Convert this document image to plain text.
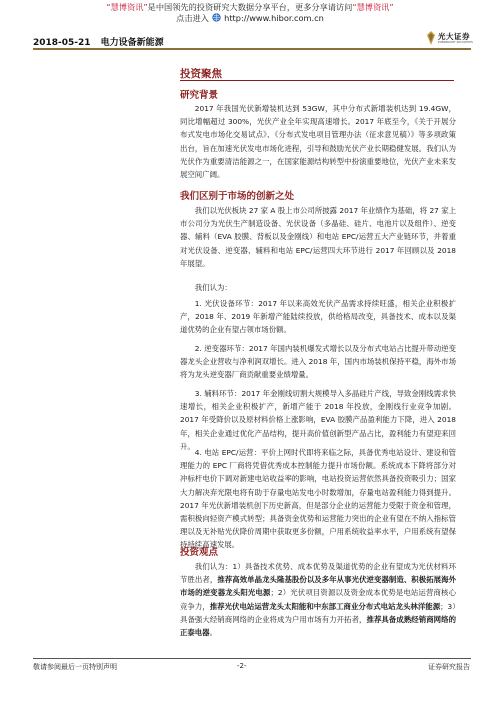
“慧博资讯”是中国领先的投资研究大数据分享平台，更多分享请访问“慧博资讯”
点击进入 http://www.hibor.com.cn
2018-05-21 电力设备新能源
光大证券
EVERBRIGHT SECURITIES
投资聚焦
研究背景
2017 年我国光伏新增装机达到 53GW，其中分布式新增装机达到 19.4GW，同比增幅超过 300%，光伏产业全年实现高速增长。2017 年底至今，《关于开展分布式发电市场化交易试点》、《分布式发电项目管理办法（征求意见稿）》等多项政策出台，旨在加速光伏发电市场化进程，引导和鼓励光伏产业长期稳健发展。我们认为光伏作为重要清洁能源之一，在国家能源结构转型中扮演重要地位，光伏产业未来发展空间广阔。
我们区别于市场的创新之处
我们以光伏板块 27 家 A 股上市公司所披露 2017 年业绩作为基础，将 27 家上市公司分为光伏生产制造设备、光伏设备（多晶硅、硅片、电池片以及组件）、逆变器、辅料（EVA 胶膜、背板以及金刚线）和电站 EPC/运营五大产业链环节，并着重对光伏设备、逆变器、辅料和电站 EPC/运营四大环节进行 2017 年回顾以及 2018 年展望。
我们认为：
1. 光伏设备环节：2017 年以来高效光伏产品需求持续旺盛，相关企业积极扩产，2018 年、2019 年新增产能陆续投放，供给格局改变，具备技术、成本以及渠道优势的企业有望占领市场份额。
2. 逆变器环节：2017 年国内装机爆发式增长以及分布式电站占比提升带动逆变器龙头企业营收与净利润双增长。进入 2018 年，国内市场装机保持平稳，海外市场将为龙头逆变器厂商贡献重要业绩增量。
3. 辅料环节：2017 年金刚线切割大规模导入多晶硅片产线，导致金刚线需求快速增长，相关企业积极扩产，新增产能于 2018 年投放，金刚线行业竞争加剧。2017 年受降价以及原材料价格上涨影响，EVA 胶膜产品盈利能力下降，进入 2018 年，相关企业通过优化产品结构，提升高价值创新型产品占比，盈利能力有望迎来回升。
4. 电站 EPC/运营：平价上网时代即将来临之际，具备优秀电站设计、建设和管理能力的 EPC 厂商将凭借优秀成本控制能力提升市场份额。系统成本下降将部分对冲标杆电价下调对新建电站收益率的影响，电站投资运营依然具备投资吸引力；国家大力解决弃光限电将有助于存量电站发电小时数增加，存量电站盈利能力得到提升。2017 年光伏新增装机创下历史新高，但是部分企业的运营能力受限于资金和管理，需积极向轻资产模式转型；具备资金优势和运营能力突出的企业有望在不纳入指标管理以及无补贴光伏降价周期中获取更多份额，户用系统收益率水平，户用系统有望保持持续高速发展。
投资观点
我们认为：1）具备技术优势、成本优势及渠道优势的企业有望成为光伏材料环节胜出者，推荐高效单晶龙头隆基股份以及多年从事光伏逆变器制造、积极拓展海外市场的逆变器龙头阳光电源；2）光伏项目资源以及资金成本优势是电站运营商核心竞争力，推荐光伏电站运营龙头太阳能和中东部工商业分布式电站龙头林洋能源；3）具备强大经销商网络的企业将成为户用市场有力开拓者，推荐具备成熟经销商网络的正泰电器。
敬请参阅最后一页特别声明	-2-	证券研究报告
